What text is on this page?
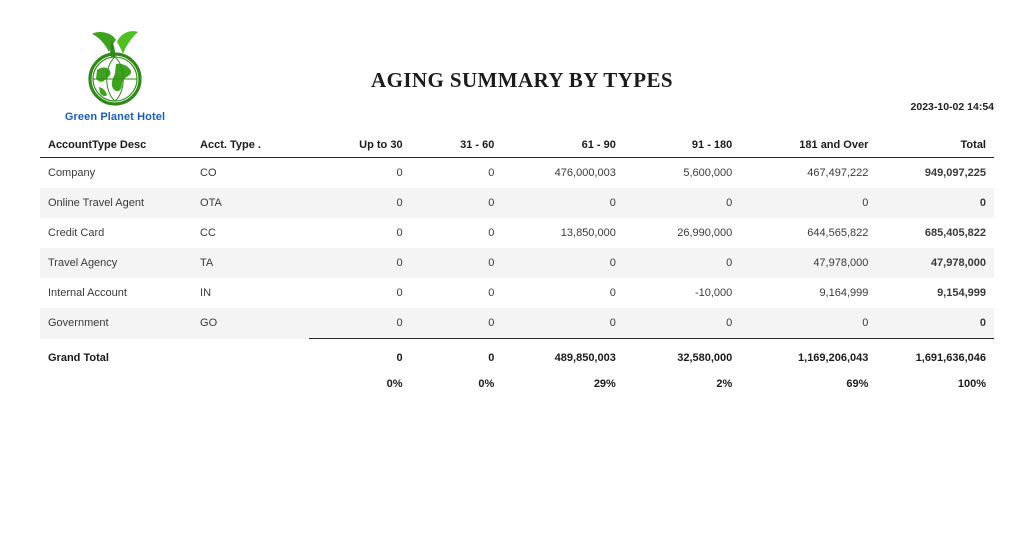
Green Planet Hotel
AGING SUMMARY BY TYPES
2023-10-02 14:54
AccountType Desc	Acct. Type .	Up to 30	31 - 60	61 - 90	91 - 180	181 and Over	Total
Company	CO	0	0	476,000,003	5,600,000	467,497,222	949,097,225
Online Travel Agent	OTA	0	0	0	0	0	0
Credit Card	CC	0	0	13,850,000	26,990,000	644,565,822	685,405,822
Travel Agency	TA	0	0	0	0	47,978,000	47,978,000
Internal Account	IN	0	0	0	-10,000	9,164,999	9,154,999
Government	GO	0	0	0	0	0	0
Grand Total		0	0	489,850,003	32,580,000	1,169,206,043	1,691,636,046
		0%	0%	29%	2%	69%	100%
